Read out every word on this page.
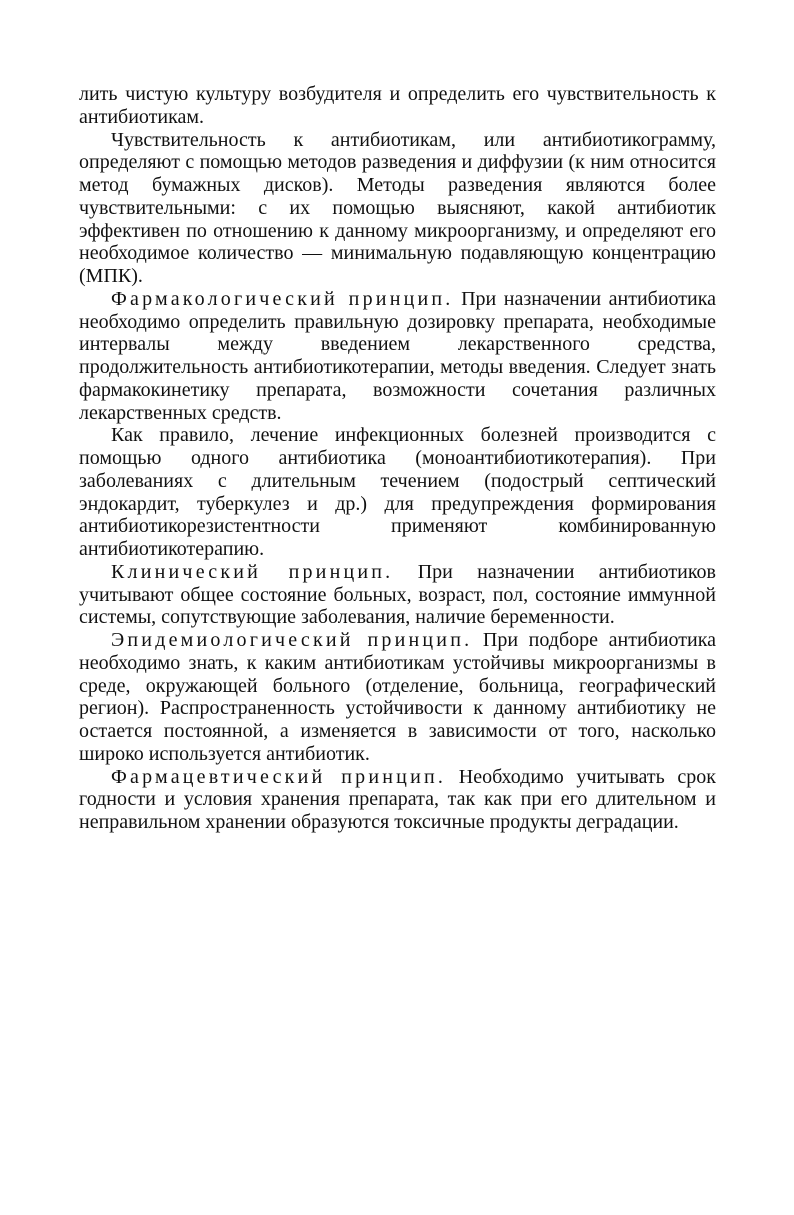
лить чистую культуру возбудителя и определить его чувствительность к антибиотикам.

Чувствительность к антибиотикам, или антибиотикограмму, определяют с помощью методов разведения и диффузии (к ним относится метод бумажных дисков). Методы разведения являются более чувствительными: с их помощью выясняют, какой антибиотик эффективен по отношению к данному микроорганизму, и определяют его необходимое количество — минимальную подавляющую концентрацию (МПК).

Фармакологический принцип. При назначении антибиотика необходимо определить правильную дозировку препарата, необходимые интервалы между введением лекарственного средства, продолжительность антибиотикотерапии, методы введения. Следует знать фармакокинетику препарата, возможности сочетания различных лекарственных средств.

Как правило, лечение инфекционных болезней производится с помощью одного антибиотика (моноантибиотикотерапия). При заболеваниях с длительным течением (подострый септический эндокардит, туберкулез и др.) для предупреждения формирования антибиотикорезистентности применяют комбинированную антибиотикотерапию.

Клинический принцип. При назначении антибиотиков учитывают общее состояние больных, возраст, пол, состояние иммунной системы, сопутствующие заболевания, наличие беременности.

Эпидемиологический принцип. При подборе антибиотика необходимо знать, к каким антибиотикам устойчивы микроорганизмы в среде, окружающей больного (отделение, больница, географический регион). Распространенность устойчивости к данному антибиотику не остается постоянной, а изменяется в зависимости от того, насколько широко используется антибиотик.

Фармацевтический принцип. Необходимо учитывать срок годности и условия хранения препарата, так как при его длительном и неправильном хранении образуются токсичные продукты деградации.
